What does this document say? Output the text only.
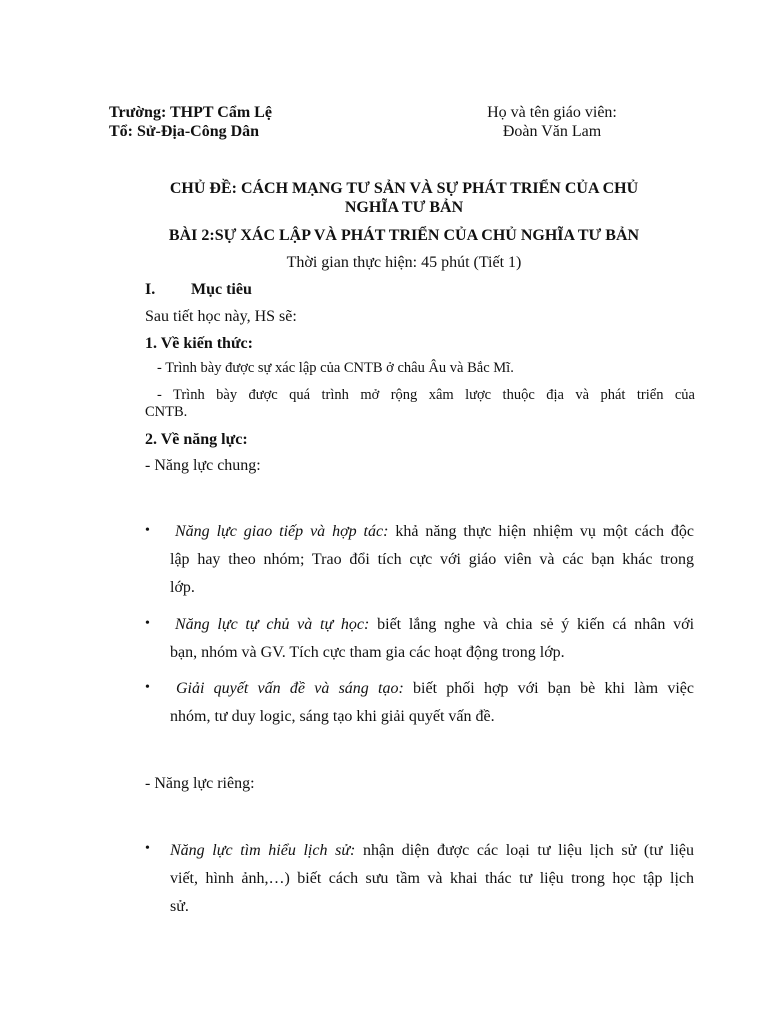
Trường: THPT Cẩm Lệ
Tổ: Sử-Địa-Công Dân
Họ và tên giáo viên:
Đoàn Văn Lam
CHỦ ĐỀ: CÁCH MẠNG TƯ SẢN VÀ SỰ PHÁT TRIỂN CỦA CHỦ
NGHĨA TƯ BẢN
BÀI 2:SỰ XÁC LẬP VÀ PHÁT TRIỂN CỦA CHỦ NGHĨA TƯ BẢN
Thời gian thực hiện: 45 phút (Tiết 1)
I. Mục tiêu
Sau tiết học này, HS sẽ:
1. Về kiến thức:
- Trình bày được sự xác lập của CNTB ở châu Âu và Bắc Mĩ.
- Trình bày được quá trình mở rộng xâm lược thuộc địa và phát triển của
CNTB.
2. Về năng lực:
- Năng lực chung:
•	Năng lực giao tiếp và hợp tác: khả năng thực hiện nhiệm vụ một cách độc
lập hay theo nhóm; Trao đổi tích cực với giáo viên và các bạn khác trong
lớp.
•	Năng lực tự chủ và tự học: biết lắng nghe và chia sẻ ý kiến cá nhân với
bạn, nhóm và GV. Tích cực tham gia các hoạt động trong lớp.
•	Giải quyết vấn đề và sáng tạo: biết phối hợp với bạn bè khi làm việc
nhóm, tư duy logic, sáng tạo khi giải quyết vấn đề.
- Năng lực riêng:
• Năng lực tìm hiểu lịch sử: nhận diện được các loại tư liệu lịch sử (tư liệu
viết, hình ảnh,…) biết cách sưu tầm và khai thác tư liệu trong học tập lịch
sử.
